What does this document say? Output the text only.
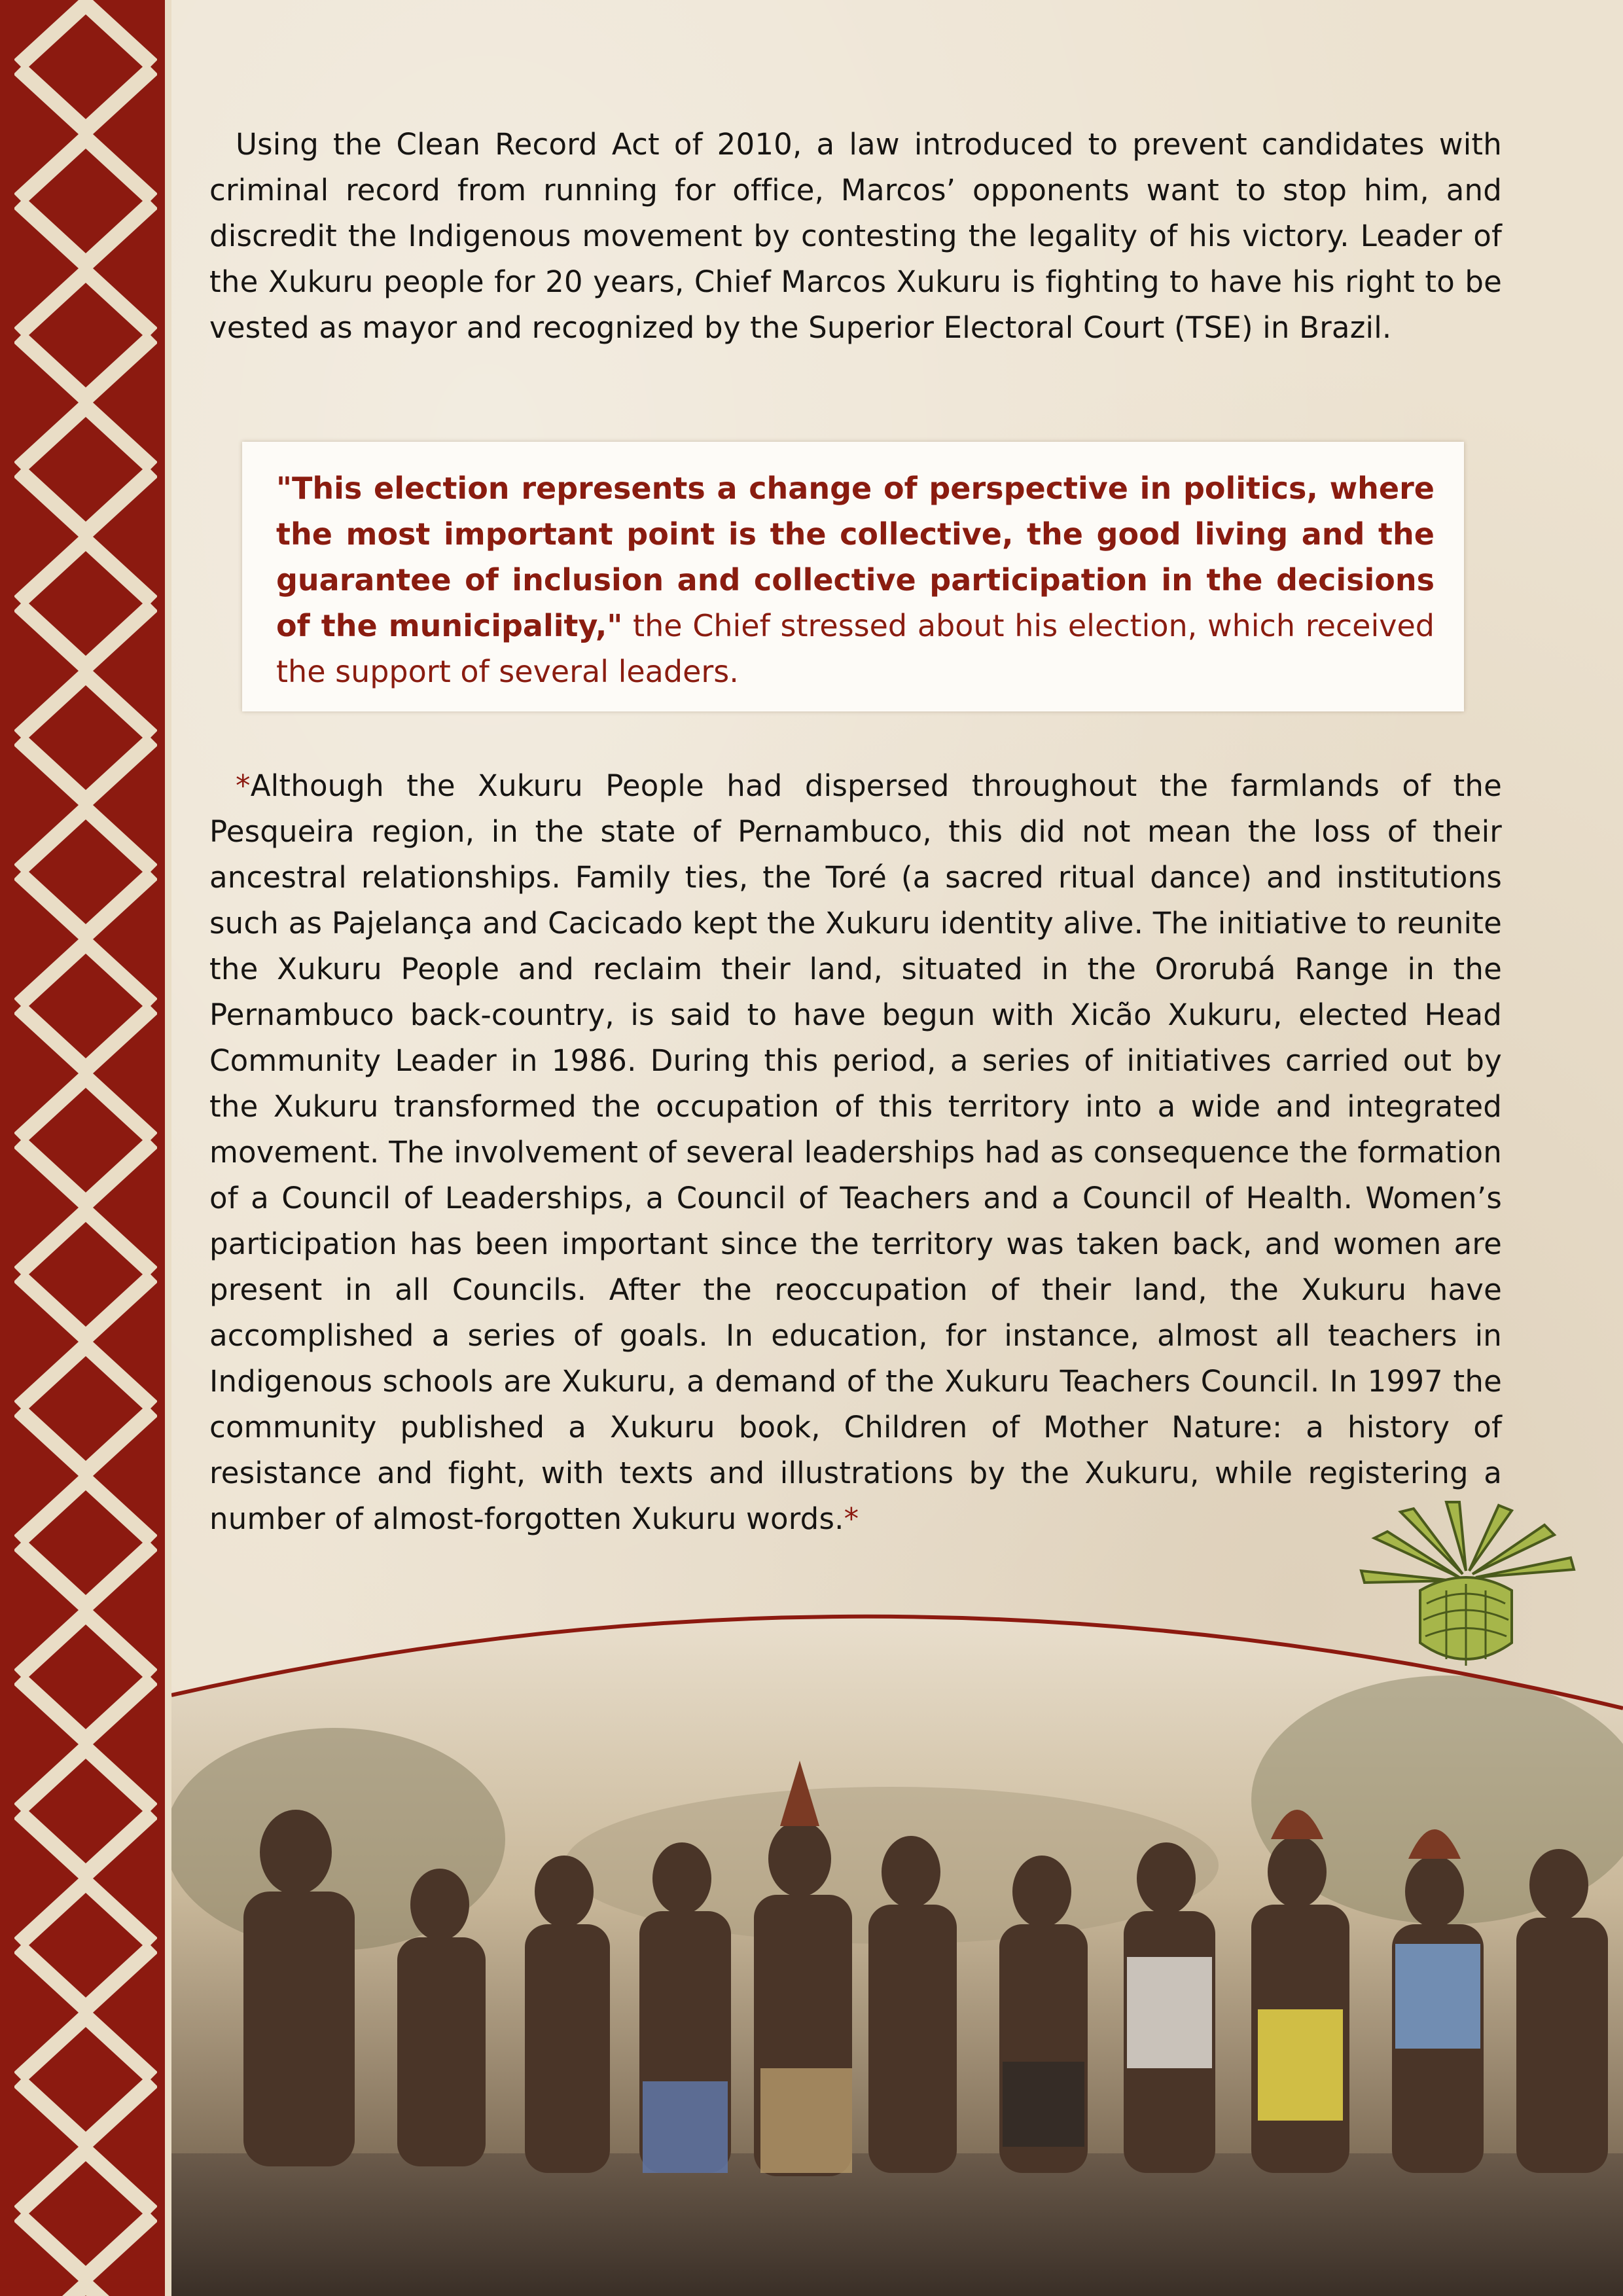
Using the Clean Record Act of 2010, a law introduced to prevent candidates with criminal record from running for office, Marcos’ opponents want to stop him, and discredit the Indigenous movement by contesting the legality of his victory. Leader of the Xukuru people for 20 years, Chief Marcos Xukuru is fighting to have his right to be vested as mayor and recognized by the Superior Electoral Court (TSE) in Brazil.

"This election represents a change of perspective in politics, where the most important point is the collective, the good living and the guarantee of inclusion and collective participation in the decisions of the municipality," the Chief stressed about his election, which received the support of several leaders.

*Although the Xukuru People had dispersed throughout the farmlands of the Pesqueira region, in the state of Pernambuco, this did not mean the loss of their ancestral relationships. Family ties, the Toré (a sacred ritual dance) and institutions such as Pajelança and Cacicado kept the Xukuru identity alive. The initiative to reunite the Xukuru People and reclaim their land, situated in the Ororubá Range in the Pernambuco back-country, is said to have begun with Xicão Xukuru, elected Head Community Leader in 1986. During this period, a series of initiatives carried out by the Xukuru transformed the occupation of this territory into a wide and integrated movement. The involvement of several leaderships had as consequence the formation of a Council of Leaderships, a Council of Teachers and a Council of Health. Women’s participation has been important since the territory was taken back, and women are present in all Councils. After the reoccupation of their land, the Xukuru have accomplished a series of goals. In education, for instance, almost all teachers in Indigenous schools are Xukuru, a demand of the Xukuru Teachers Council. In 1997 the community published a Xukuru book, Children of Mother Nature: a history of resistance and fight, with texts and illustrations by the Xukuru, while registering a number of almost-forgotten Xukuru words.*
